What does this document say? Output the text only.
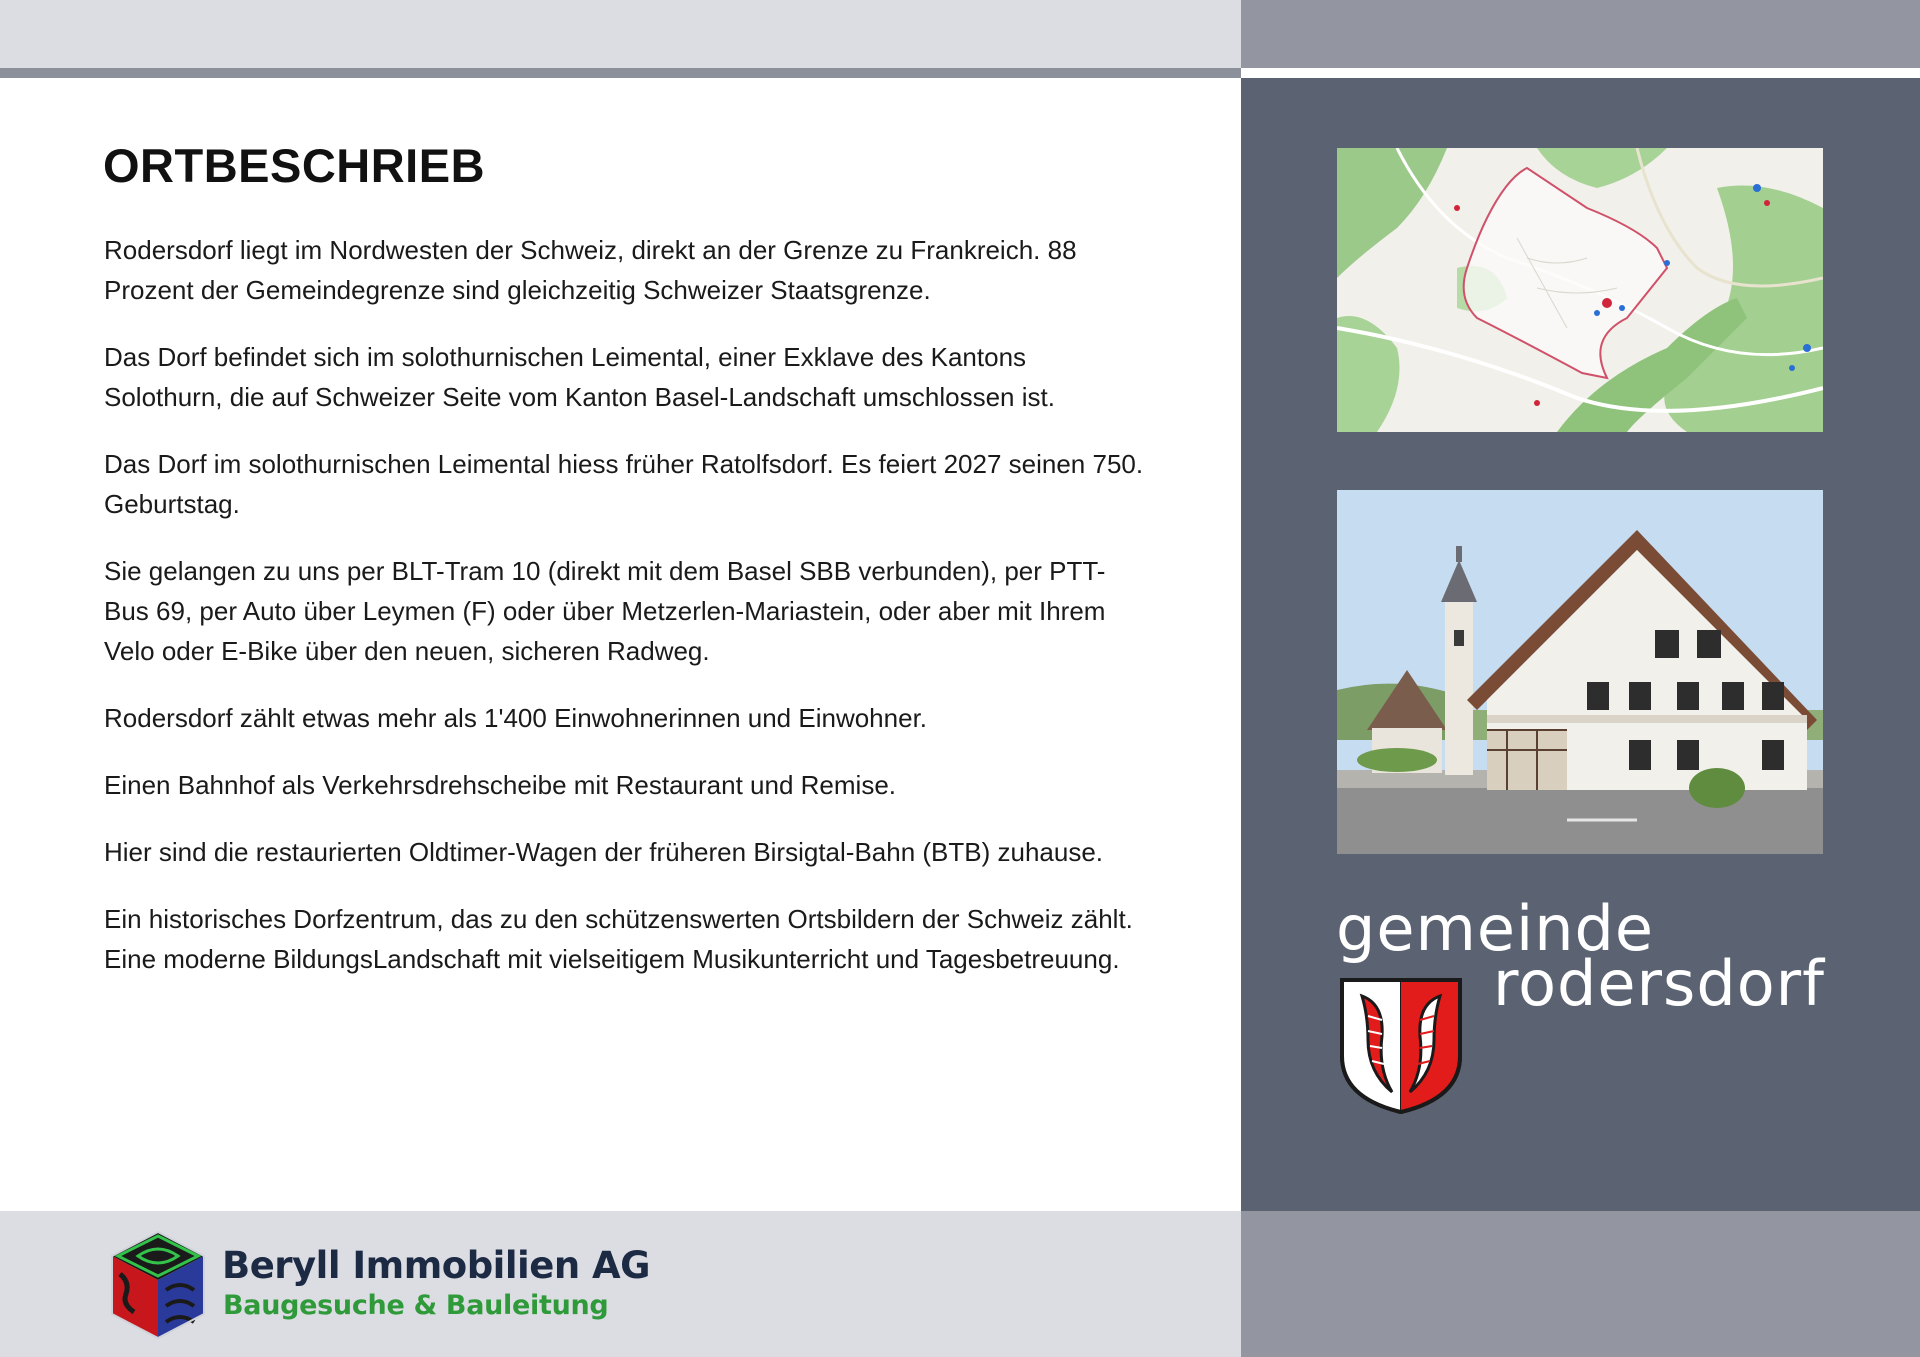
ORTBESCHRIEB

Rodersdorf liegt im Nordwesten der Schweiz, direkt an der Grenze zu Frankreich. 88 Prozent der Gemeindegrenze sind gleichzeitig Schweizer Staatsgrenze.

Das Dorf befindet sich im solothurnischen Leimental, einer Exklave des Kantons Solothurn, die auf Schweizer Seite vom Kanton Basel-Landschaft umschlossen ist.

Das Dorf im solothurnischen Leimental hiess früher Ratolfsdorf. Es feiert 2027 seinen 750. Geburtstag.

Sie gelangen zu uns per BLT-Tram 10 (direkt mit dem Basel SBB verbunden), per PTT-Bus 69, per Auto über Leymen (F) oder über Metzerlen-Mariastein, oder aber mit Ihrem Velo oder E-Bike über den neuen, sicheren Radweg.

Rodersdorf zählt etwas mehr als 1'400 Einwohnerinnen und Einwohner.

Einen Bahnhof als Verkehrsdrehscheibe mit Restaurant und Remise.

Hier sind die restaurierten Oldtimer-Wagen der früheren Birsigtal-Bahn (BTB) zuhause.

Ein historisches Dorfzentrum, das zu den schützenswerten Ortsbildern der Schweiz zählt. Eine moderne BildungsLandschaft mit vielseitigem Musikunterricht und Tagesbetreuung.

Beryll Immobilien AG
Baugesuche & Bauleitung
gemeinde
rodersdorf
